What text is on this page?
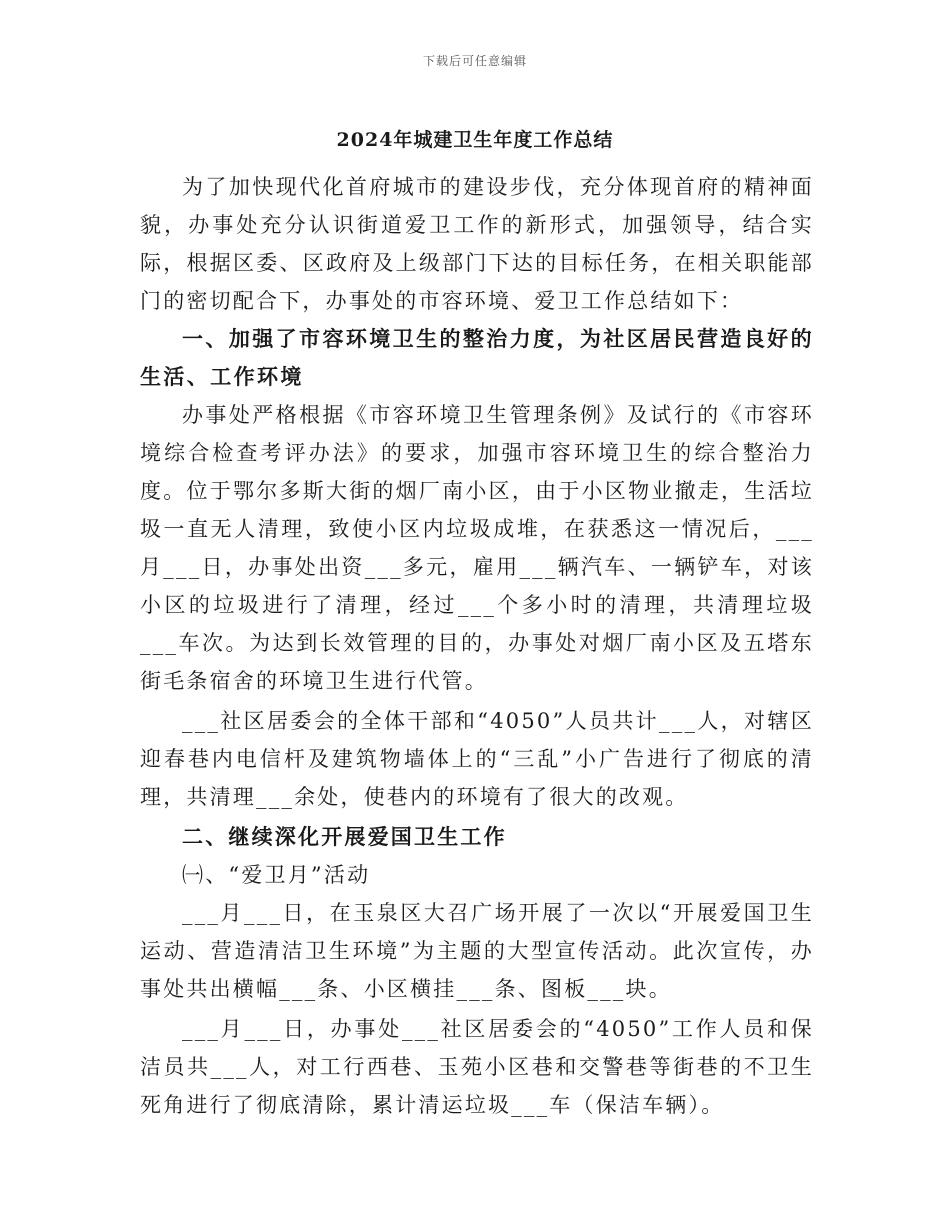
下载后可任意编辑
2024年城建卫生年度工作总结

为了加快现代化首府城市的建设步伐，充分体现首府的精神面貌，办事处充分认识街道爱卫工作的新形式，加强领导，结合实际，根据区委、区政府及上级部门下达的目标任务，在相关职能部门的密切配合下，办事处的市容环境、爱卫工作总结如下：

一、加强了市容环境卫生的整治力度，为社区居民营造良好的生活、工作环境

办事处严格根据《市容环境卫生管理条例》及试行的《市容环境综合检查考评办法》的要求，加强市容环境卫生的综合整治力度。位于鄂尔多斯大街的烟厂南小区，由于小区物业撤走，生活垃圾一直无人清理，致使小区内垃圾成堆，在获悉这一情况后，___月___日，办事处出资___多元，雇用___辆汽车、一辆铲车，对该小区的垃圾进行了清理，经过___个多小时的清理，共清理垃圾___车次。为达到长效管理的目的，办事处对烟厂南小区及五塔东街毛条宿舍的环境卫生进行代管。

___社区居委会的全体干部和“4050”人员共计___人，对辖区迎春巷内电信杆及建筑物墙体上的“三乱”小广告进行了彻底的清理，共清理___余处，使巷内的环境有了很大的改观。

二、继续深化开展爱国卫生工作

㈠、“爱卫月”活动

___月___日，在玉泉区大召广场开展了一次以“开展爱国卫生运动、营造清洁卫生环境”为主题的大型宣传活动。此次宣传，办事处共出横幅___条、小区横挂___条、图板___块。

___月___日，办事处___社区居委会的“4050”工作人员和保洁员共___人，对工行西巷、玉苑小区巷和交警巷等街巷的不卫生死角进行了彻底清除，累计清运垃圾___车（保洁车辆）。
